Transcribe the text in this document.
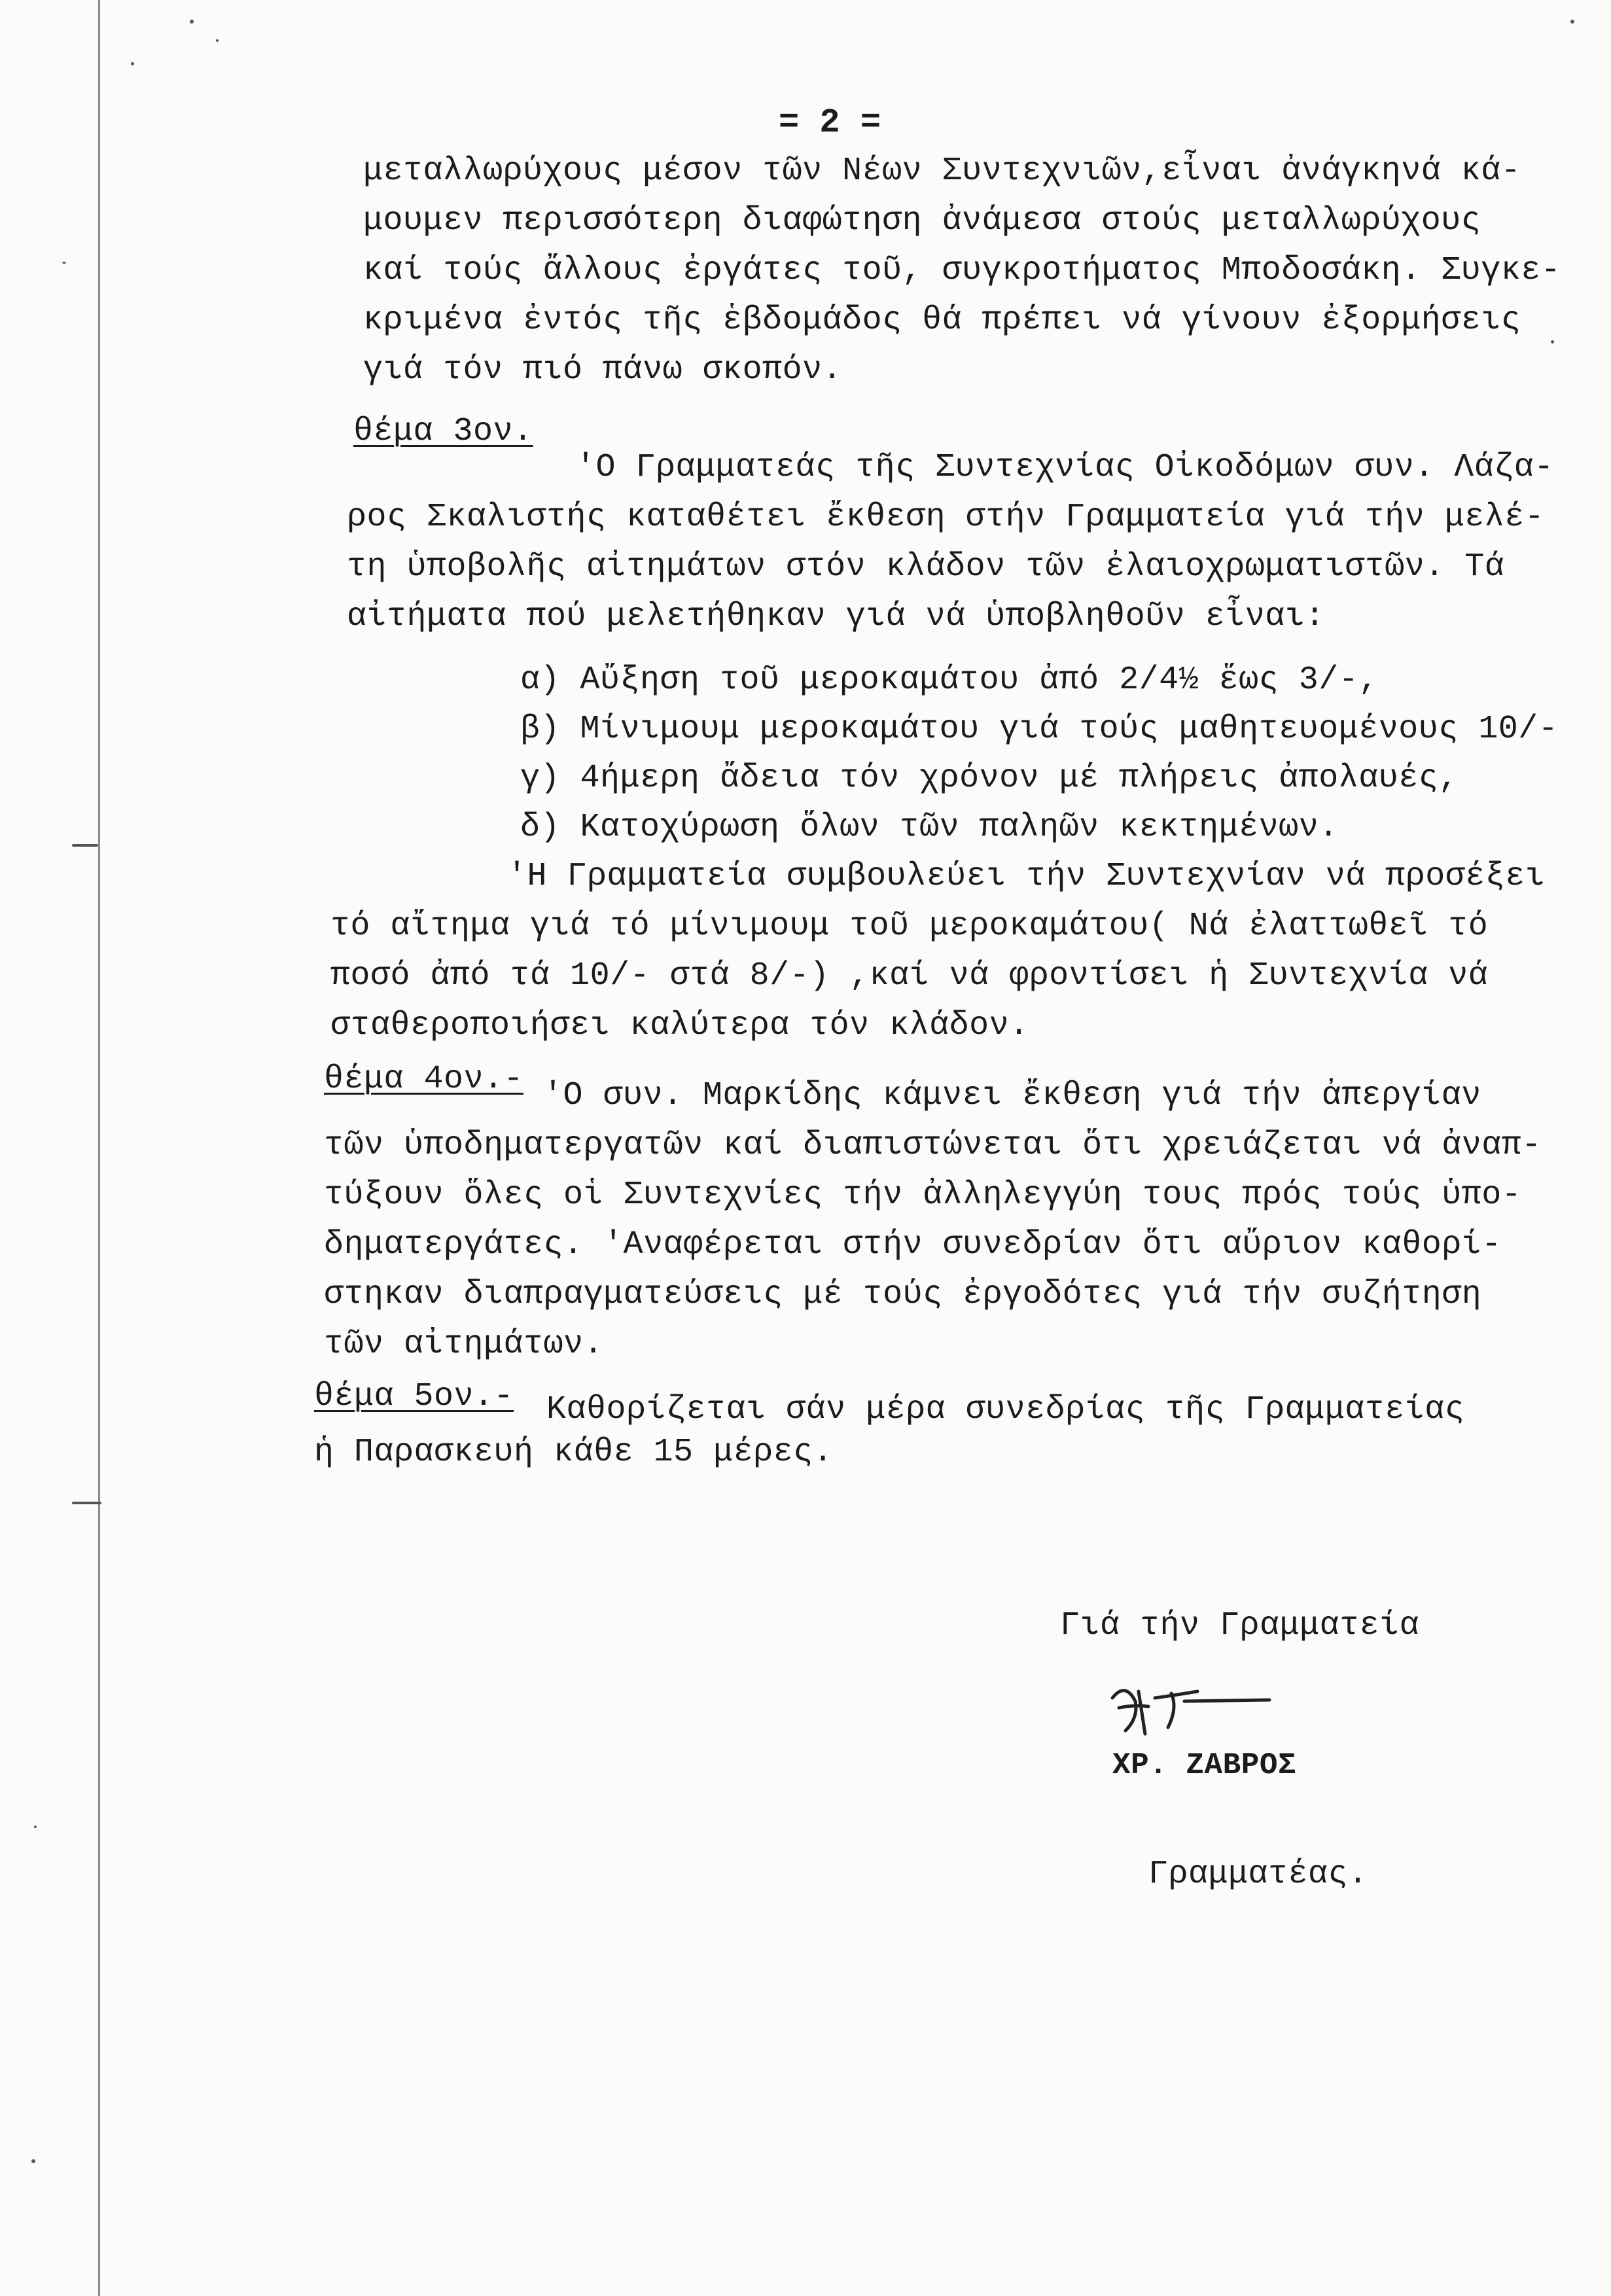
= 2 =
μεταλλωρύχους μέσον τῶν Νέων Συντεχνιῶν,εἶναι ἀνάγκηνά κά-
μουμεν περισσότερη διαφώτηση ἀνάμεσα στούς μεταλλωρύχους
καί τούς ἄλλους ἐργάτες τοῦ, συγκροτήματος Μποδοσάκη. Συγκε-
κριμένα ἐντός τῆς ἑβδομάδος θά πρέπει νά γίνουν ἐξορμήσεις
γιά τόν πιό πάνω σκοπόν.
θέμα 3ον.
'Ο Γραμματεάς τῆς Συντεχνίας Οἰκοδόμων συν. Λάζα-
ρος Σκαλιστής καταθέτει ἔκθεση στήν Γραμματεία γιά τήν μελέ-
τη ὑποβολῆς αἰτημάτων στόν κλάδον τῶν ἐλαιοχρωματιστῶν. Τά
αἰτήματα πού μελετήθηκαν γιά νά ὑποβληθοῦν εἶναι:
α) Αὔξηση τοῦ μεροκαμάτου ἀπό 2/4½ ἕως 3/-,
β) Μίνιμουμ μεροκαμάτου γιά τούς μαθητευομένους 10/-
γ) 4ήμερη ἄδεια τόν χρόνον μέ πλήρεις ἀπολαυές,
δ) Κατοχύρωση ὅλων τῶν παληῶν κεκτημένων.
'Η Γραμματεία συμβουλεύει τήν Συντεχνίαν νά προσέξει
τό αἴτημα γιά τό μίνιμουμ τοῦ μεροκαμάτου( Νά ἐλαττωθεῖ τό
ποσό ἀπό τά 10/- στά 8/-) ,καί νά φροντίσει ἡ Συντεχνία νά
σταθεροποιήσει καλύτερα τόν κλάδον.
θέμα 4ον.- 'Ο συν. Μαρκίδης κάμνει ἔκθεση γιά τήν ἀπεργίαν
τῶν ὑποδηματεργατῶν καί διαπιστώνεται ὅτι χρειάζεται νά ἀναπ-
τύξουν ὅλες οἱ Συντεχνίες τήν ἀλληλεγγύη τους πρός τούς ὑπο-
δηματεργάτες. 'Αναφέρεται στήν συνεδρίαν ὅτι αὔριον καθορί-
στηκαν διαπραγματεύσεις μέ τούς ἐργοδότες γιά τήν συζήτηση
τῶν αἰτημάτων.
θέμα 5ον.- Καθορίζεται σάν μέρα συνεδρίας τῆς Γραμματείας
ἡ Παρασκευή κάθε 15 μέρες.
Γιά τήν Γραμματεία
ΧΡ. ΖΑΒΡΟΣ
Γραμματέας.
